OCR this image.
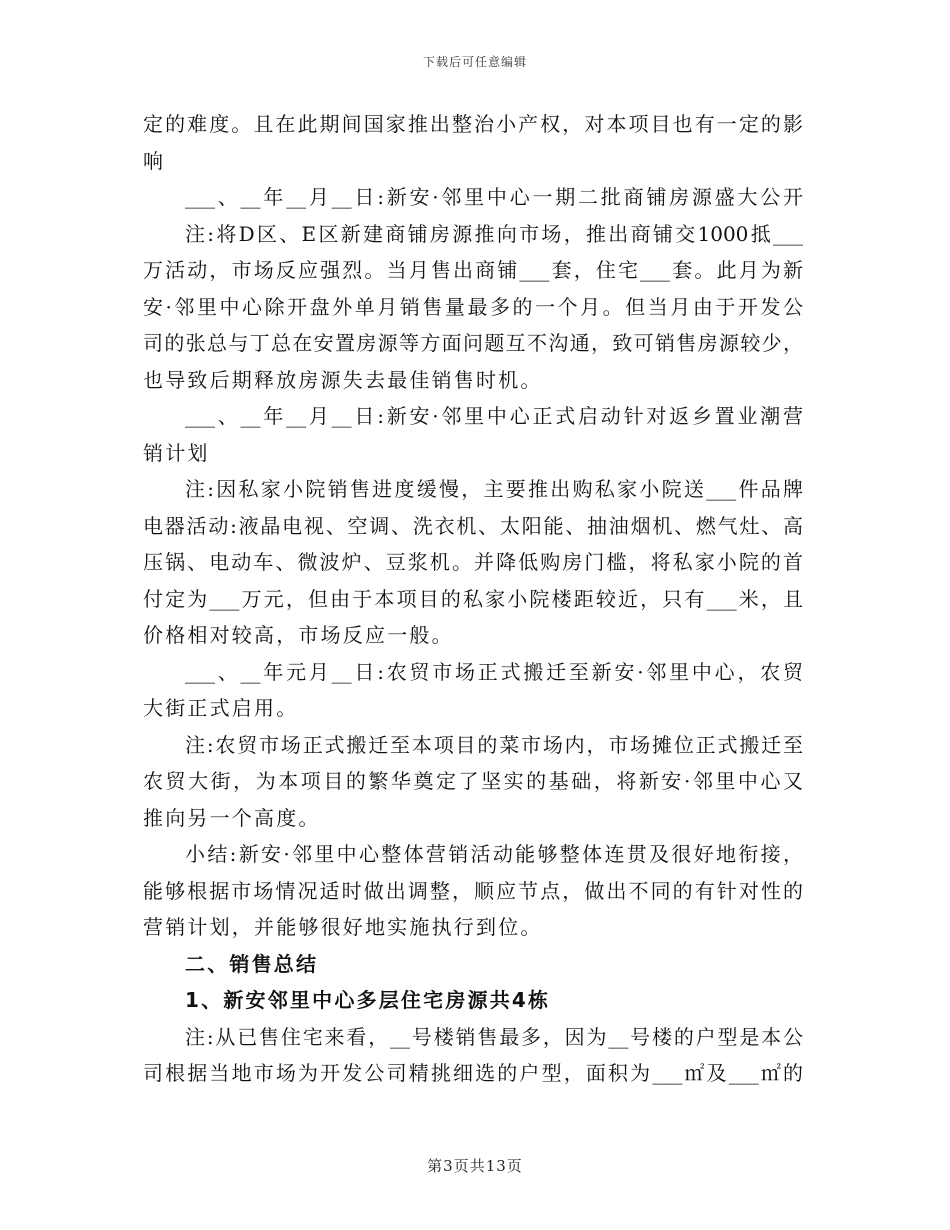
下载后可任意编辑
定的难度。且在此期间国家推出整治小产权，对本项目也有一定的影
响
___、__年__月__日:新安·邻里中心一期二批商铺房源盛大公开
注:将D区、E区新建商铺房源推向市场，推出商铺交1000抵___
万活动，市场反应强烈。当月售出商铺___套，住宅___套。此月为新
安·邻里中心除开盘外单月销售量最多的一个月。但当月由于开发公
司的张总与丁总在安置房源等方面问题互不沟通，致可销售房源较少，
也导致后期释放房源失去最佳销售时机。
___、__年__月__日:新安·邻里中心正式启动针对返乡置业潮营
销计划
注:因私家小院销售进度缓慢，主要推出购私家小院送___件品牌
电器活动:液晶电视、空调、洗衣机、太阳能、抽油烟机、燃气灶、高
压锅、电动车、微波炉、豆浆机。并降低购房门槛，将私家小院的首
付定为___万元，但由于本项目的私家小院楼距较近，只有___米，且
价格相对较高，市场反应一般。
___、__年元月__日:农贸市场正式搬迁至新安·邻里中心，农贸
大街正式启用。
注:农贸市场正式搬迁至本项目的菜市场内，市场摊位正式搬迁至
农贸大街，为本项目的繁华奠定了坚实的基础，将新安·邻里中心又
推向另一个高度。
小结:新安·邻里中心整体营销活动能够整体连贯及很好地衔接，
能够根据市场情况适时做出调整，顺应节点，做出不同的有针对性的
营销计划，并能够很好地实施执行到位。
二、销售总结
1、新安邻里中心多层住宅房源共4栋
注:从已售住宅来看，__号楼销售最多，因为__号楼的户型是本公
司根据当地市场为开发公司精挑细选的户型，面积为___㎡及___㎡的
第3页共13页
